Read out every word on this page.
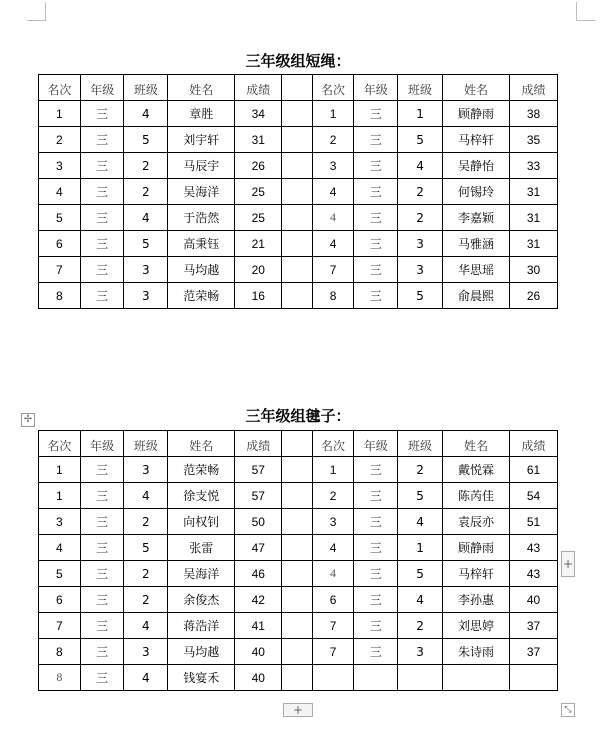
三年级组短绳：
名次	年级	班级	姓名	成绩		名次	年级	班级	姓名	成绩
1	三	4	章胜	34		1	三	1	顾静雨	38
2	三	5	刘宇轩	31		2	三	5	马梓轩	35
3	三	2	马辰宇	26		3	三	4	吴静怡	33
4	三	2	吴海洋	25		4	三	2	何锡玲	31
5	三	4	于浩然	25		4	三	2	李嘉颖	31
6	三	5	高秉钰	21		4	三	3	马雅涵	31
7	三	3	马均越	20		7	三	3	华思瑶	30
8	三	3	范荣畅	16		8	三	5	俞晨熙	26
✢	三年级组毽子：
名次	年级	班级	姓名	成绩		名次	年级	班级	姓名	成绩
1	三	3	范荣畅	57		1	三	2	戴悦霖	61
1	三	4	徐支悦	57		2	三	5	陈芮佳	54
3	三	2	向权钊	50		3	三	4	袁辰亦	51
4	三	5	张雷	47		4	三	1	顾静雨	43
5	三	2	吴海洋	46		4	三	5	马梓轩	43
6	三	2	余俊杰	42		6	三	4	李孙惠	40
7	三	4	蒋浩洋	41		7	三	2	刘思婷	37
8	三	3	马均越	40		7	三	3	朱诗雨	37
8	三	4	钱宴禾	40						
+
+	⤡
